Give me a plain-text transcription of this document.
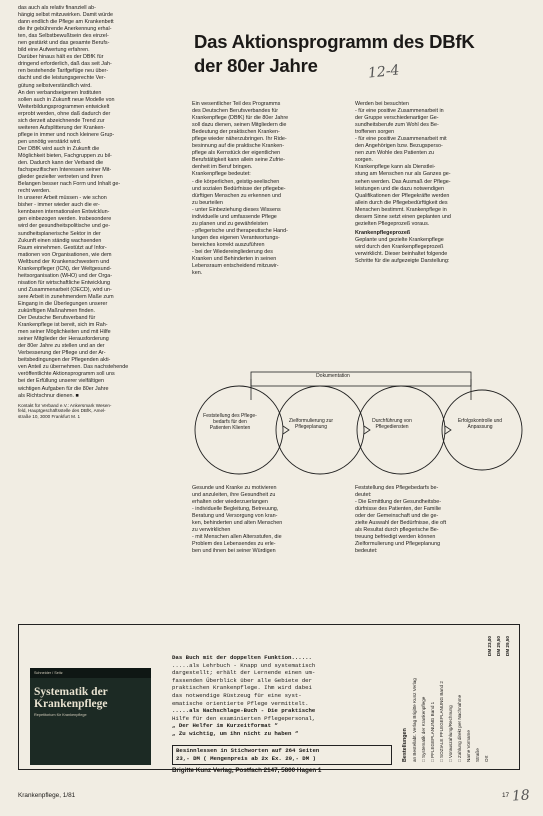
Das Aktionsprogramm des DBfK
der 80er Jahre	12-4
das auch als relativ finanziell ab-
hängig selbst mitzuwirken. Damit würde
dann endlich die Pflege am Krankenbett
die ihr gebührende Anerkennung erhal-
ten, das Selbstbewußtsein des einzel-
nen gestärkt und das gesamte Berufs-
bild eine Aufwertung erfahren.
Darüber hinaus hält es der DBfK für
dringend erforderlich, daß das seit Jah-
ren bestehende Tarifgefüge neu über-
dacht und die leistungsgerechte Ver-
gütung selbstverständlich wird.
An den verbandseigenen Instituten
sollen auch in Zukunft neue Modelle von
Weiterbildungsprogrammen entwickelt
erprobt werden, ohne daß dadurch der
sich derzeit abzeichnende Trend zur
weiteren Aufsplitterung der Kranken-
pflege in immer und noch kleinere Grup-
pen unnötig verstärkt wird.
Der DBfK wird auch in Zukunft die
Möglichkeit bieten, Fachgruppen zu bil-
den. Dadurch kann der Verband die
fachspezifischen Interessen seiner Mit-
glieder gezielter vertreten und ihren
Belangen besser nach Form und Inhalt ge-
recht werden.
In unserer Arbeit müssen - wie schon
bisher - immer wieder auch die er-
kennbaren internationalen Entwicklun-
gen einbezogen werden. Insbesondere
wird der gesundheitspolitische und ge-
sundheitsplanerische Sektor in der
Zukunft einen ständig wachsenden
Raum einnehmen. Gestützt auf Infor-
mationen von Organisationen, wie dem
Weltbund der Krankenschwestern und
Krankenpfleger (ICN), der Weltgesund-
heitsorganisation (WHO) und der Orga-
nisation für wirtschaftliche Entwicklung
und Zusammenarbeit (OECD), wird un-
sere Arbeit in zunehmendem Maße zum
Eingang in die Überlegungen unserer
zukünftigen Maßnahmen finden.
Der Deutsche Berufsverband für
Krankenpflege ist bereit, sich im Rah-
men seiner Möglichkeiten und mit Hilfe
seiner Mitglieder der Herausforderung
der 80er Jahre zu stellen und an der
Verbesserung der Pflege und der Ar-
beitsbedingungen der Pflegenden akti-
ven Anteil zu übernehmen. Das nachstehende
veröffentlichte Aktionsprogramm soll uns
bei der Erfüllung unserer vielfältigen
wichtigen Aufgaben für die 80er Jahre
als Richtschnur dienen. ■
Kontakt für Verband e.V.: Ankersmark Wesen-
feld, Hauptgeschäftsstelle des DBfK, Amel-
straße 10, 3000 Frankfurt M. 1
Ein wesentlicher Teil des Programms
des Deutschen Berufsverbandes für
Krankenpflege (DBfK) für die 80er Jahre
soll dazu dienen, seinen Mitgliedern die
Bedeutung der praktischen Kranken-
pflege wieder näherzubringen. Ihr Ride-
besinnung auf die praktische Kranken-
pflege als Kernstück der eigentlichen
Berufstätigkeit kann allein seine Zufrie-
denheit im Beruf bringen.
Krankenpflege bedeutet:
- die körperlichen, geistig-seelischen
und sozialen Bedürfnisse der pflegebe-
dürftigen Menschen zu erkennen und
zu beurteilen
- unter Einbeziehung dieses Wissens
individuelle und umfassende Pflege
zu planen und zu gewährleisten
- pflegerische und therapeutische Hand-
lungen des eigenen Verantwortungs-
bereiches korrekt auszuführen
- bei der Wiedereingliederung des
Kranken und Behinderten in seinen
Lebensraum entscheidend mitzuwir-
ken.
Werden bei besuchten
- für eine positive Zusammenarbeit in
der Gruppe verschiedenartiger Ge-
sundheitsberufe zum Wohl des Be-
troffenen sorgen
- für eine positive Zusammenarbeit mit
den Angehörigen bzw. Bezugsperso-
nen zum Wohle des Patienten zu
sorgen.
Krankenpflege kann als Dienstlei-
stung am Menschen nur als Ganzes ge-
sehen werden. Das Ausmaß der Pflege-
leistungen und die dazu notwendigen
Qualifikationen der Pflegekräfte werden
allein durch die Pflegebedürftigkeit des
Menschen bestimmt. Krankenpflege in
diesem Sinne setzt einen geplanten und
gezielten Pflegeprozeß voraus.

Krankenpflegeprozeß

Geplante und gezielte Krankenpflege
wird durch den Krankenpflegeprozeß
verwirklicht. Dieser beinhaltet folgende
Schritte für die aufgezeigte Darstellung:
Dokumentation
Feststellung des Pflege-bedarfs für den Patienten Klienten
Zielformulierung zur Pflegeplanung
Durchführung von Pflegediensten
Erfolgskontrolle und Anpassung
Gesunde und Kranke zu motivieren
und anzuleiten, ihre Gesundheit zu
erhalten oder wiederzuerlangen
- individuelle Begleitung, Betreuung,
Beratung und Versorgung von kran-
ken, behinderten und alten Menschen
zu verwirklichen
- mit Menschen allen Altersstufen, die
Problem des Lebensendes zu erle-
ben und ihnen bei seiner Würdigen
Feststellung des Pflegebedarfs be-
deutet:
- Die Ermittlung der Gesundheitsbe-
dürfnisse des Patienten, der Familie
oder der Gemeinschaft und die ge-
zielte Auswahl der Bedürfnisse, die oft
als Resultat durch pflegerische Be-
treuung befriedigt werden können
Zielformulierung und Pflegeplanung
bedeutet:
Schneider / Seitz
Systematik der Krankenpflege
Repetitorium für Krankenpflege
Das Buch mit der doppelten Funktion......
.....als Lehrbuch - Knapp und systematisch
dargestellt; erhält der Lernende einen um-
fassenden Überblick über alle Gebiete der
praktischen Krankenpflege. Ihm wird dabei
das notwendige Rüstzeug für eine syst-
ematische orientierte Pflege vermittelt.
.....als Nachschlage-Buch - Die praktische
Hilfe für den examinierten Pflegepersonal,
„ Der Helfer im Kurzeitformat “
„ Zu wichtig, um ihn nicht zu haben “
Besinnlessen in Stichworten auf 264 Seiten
23,- DM ( Mengenpreis ab 2x Ex. 20,- DM )
Brigitte Kunz Verlag, Postfach 2147, 5800 Hagen 1
Bestellungen an Bestellabt. Verlag Brigitte Kunz Verlag □ Systematik der Krankenpflege □ PFLEGEPLANUNG Band 1 □ SOZIALE PFLEGEPLANUNG Band 2 □ Vorauszahlung/Rechnung □ Zahlung direkt per Nachnahme Name Vorname Straße Ort
DM 23,00 DM 29,50 DM 29,50
Krankenpflege, 1/81	17 18
